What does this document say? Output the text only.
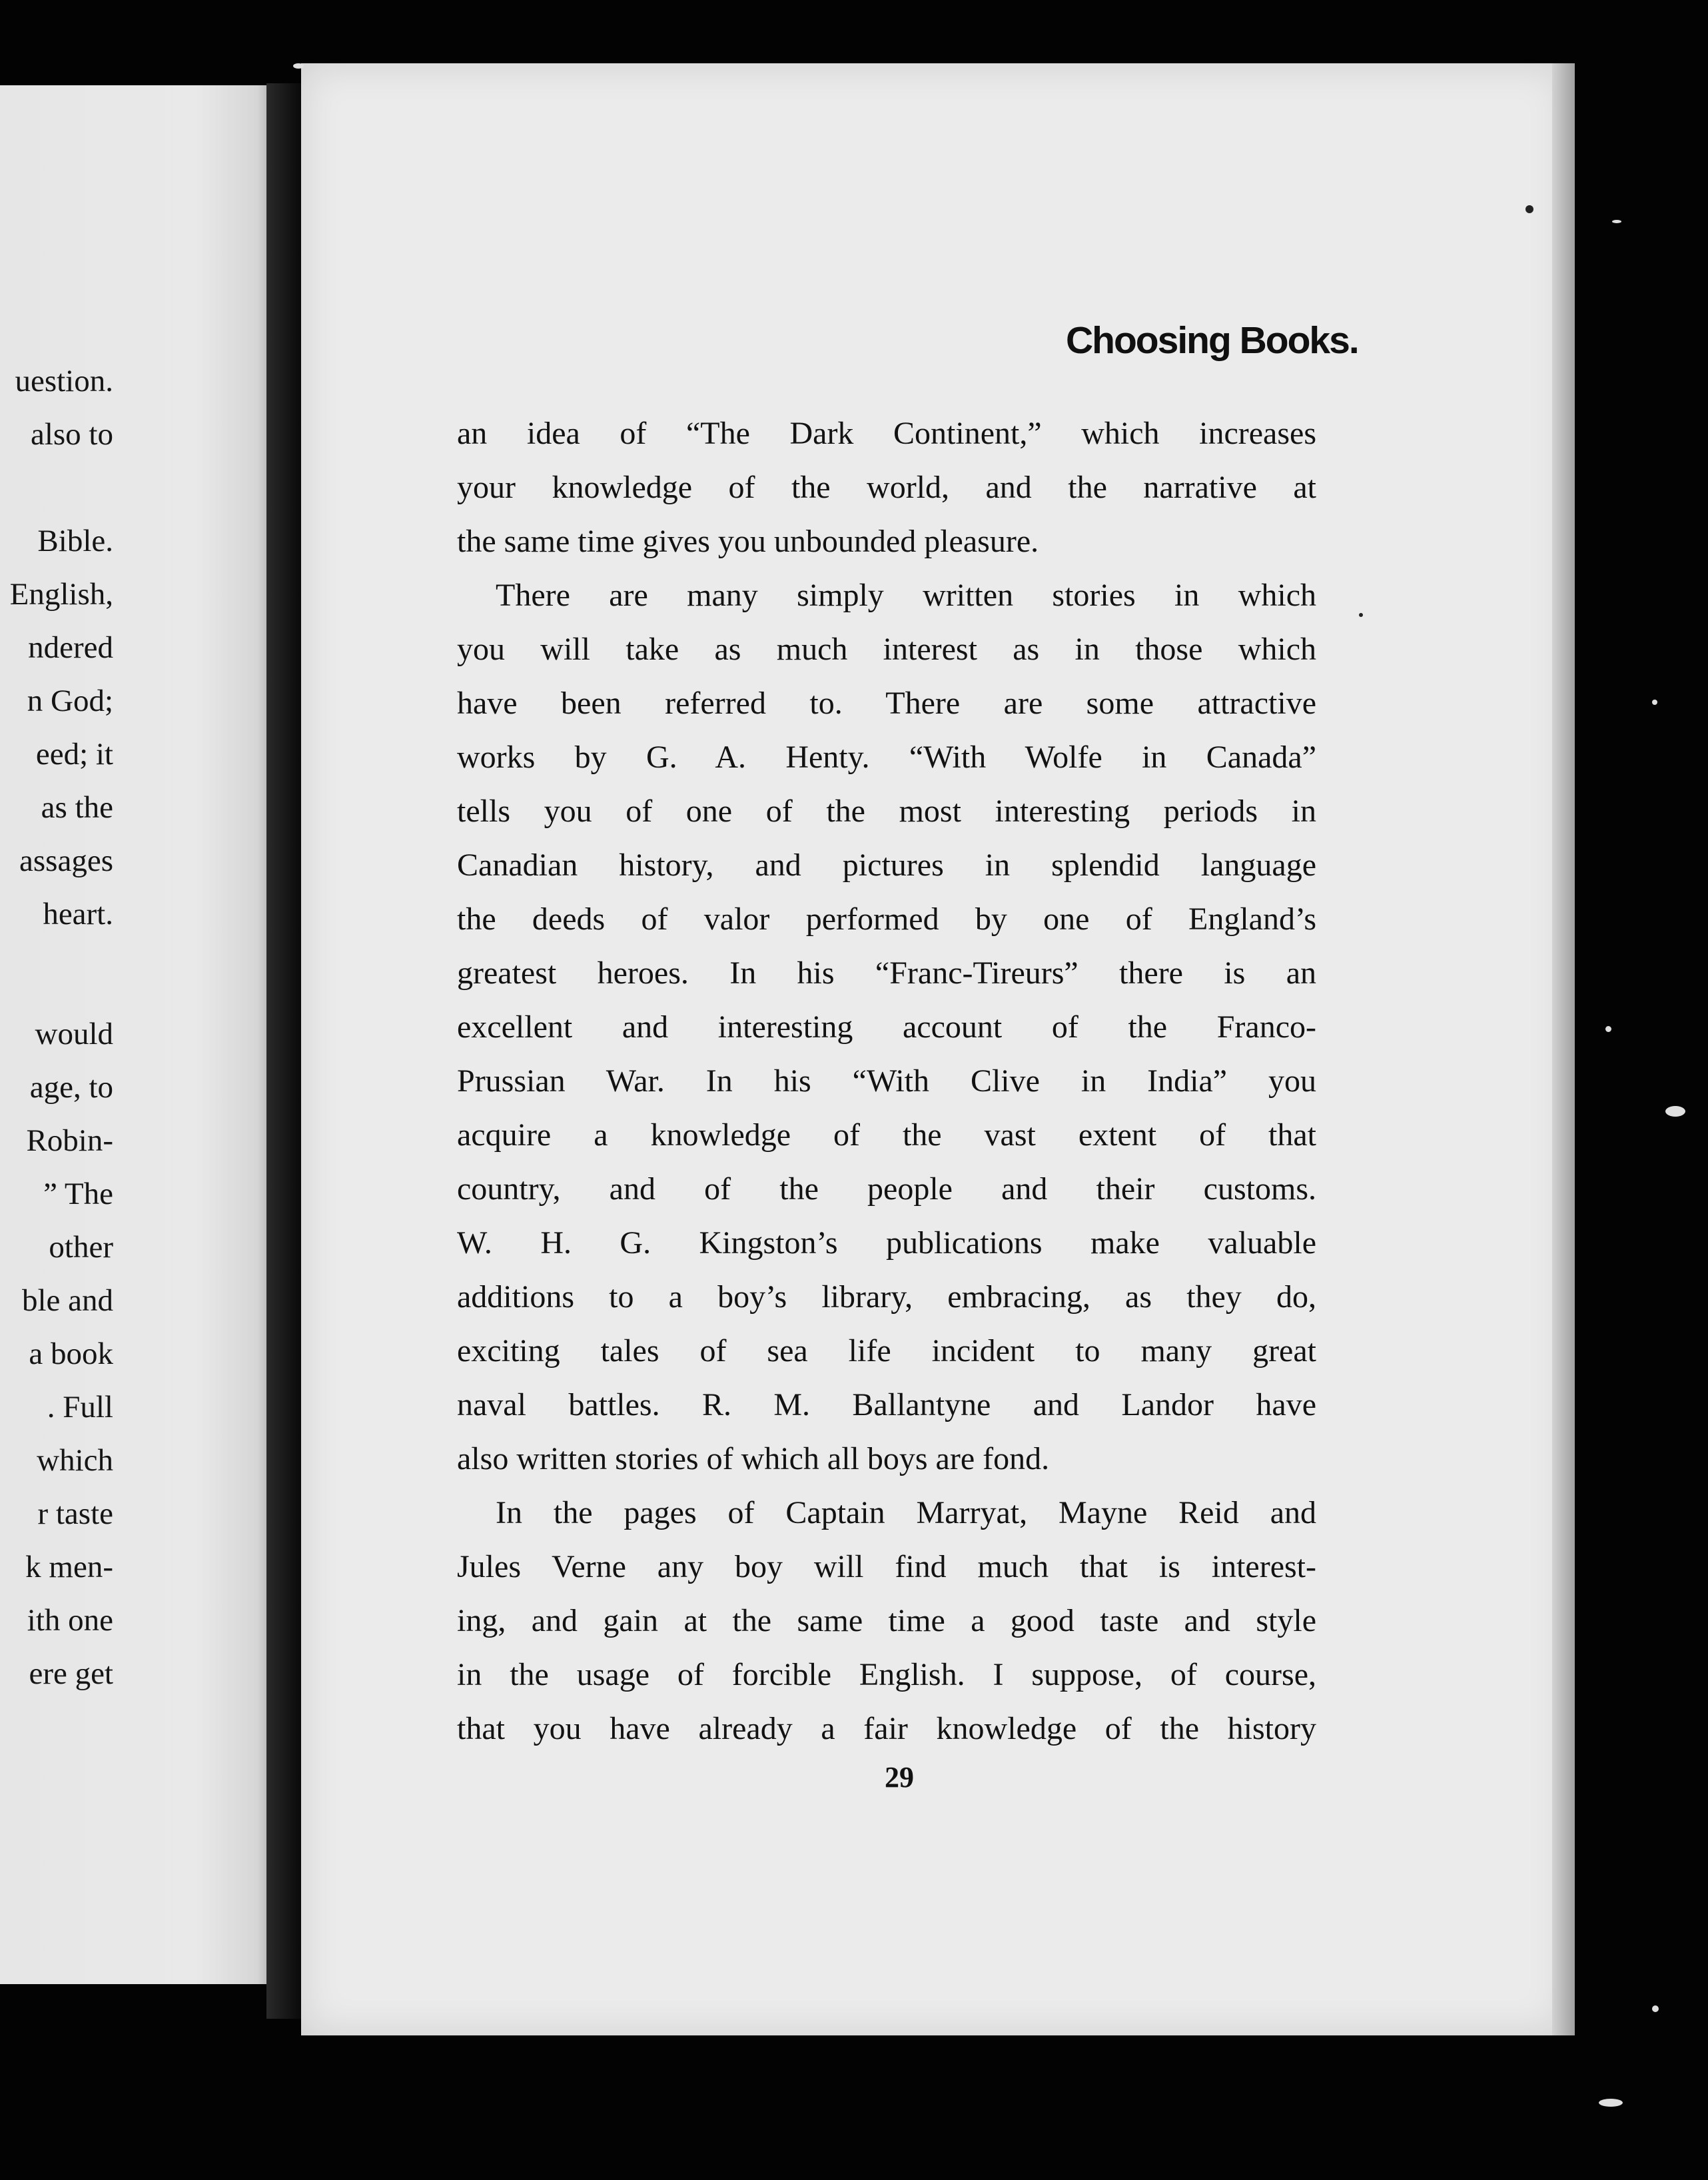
uestion.
also to
Bible.
English,
ndered
n God;
eed; it
as the
assages
heart.
would
age, to
Robin-
” The
other
ble and
a book
. Full
which
r taste
k men-
ith one
ere get
Choosing Books.
an idea of “The Dark Continent,” which increases
your knowledge of the world, and the narrative at
the same time gives you unbounded pleasure.
There are many simply written stories in which
you will take as much interest as in those which
have been referred to. There are some attractive
works by G. A. Henty. “With Wolfe in Canada”
tells you of one of the most interesting periods in
Canadian history, and pictures in splendid language
the deeds of valor performed by one of England’s
greatest heroes. In his “Franc-Tireurs” there is an
excellent and interesting account of the Franco-
Prussian War. In his “With Clive in India” you
acquire a knowledge of the vast extent of that
country, and of the people and their customs.
W. H. G. Kingston’s publications make valuable
additions to a boy’s library, embracing, as they do,
exciting tales of sea life incident to many great
naval battles. R. M. Ballantyne and Landor have
also written stories of which all boys are fond.
In the pages of Captain Marryat, Mayne Reid and
Jules Verne any boy will find much that is interest-
ing, and gain at the same time a good taste and style
in the usage of forcible English. I suppose, of course,
that you have already a fair knowledge of the history
29
